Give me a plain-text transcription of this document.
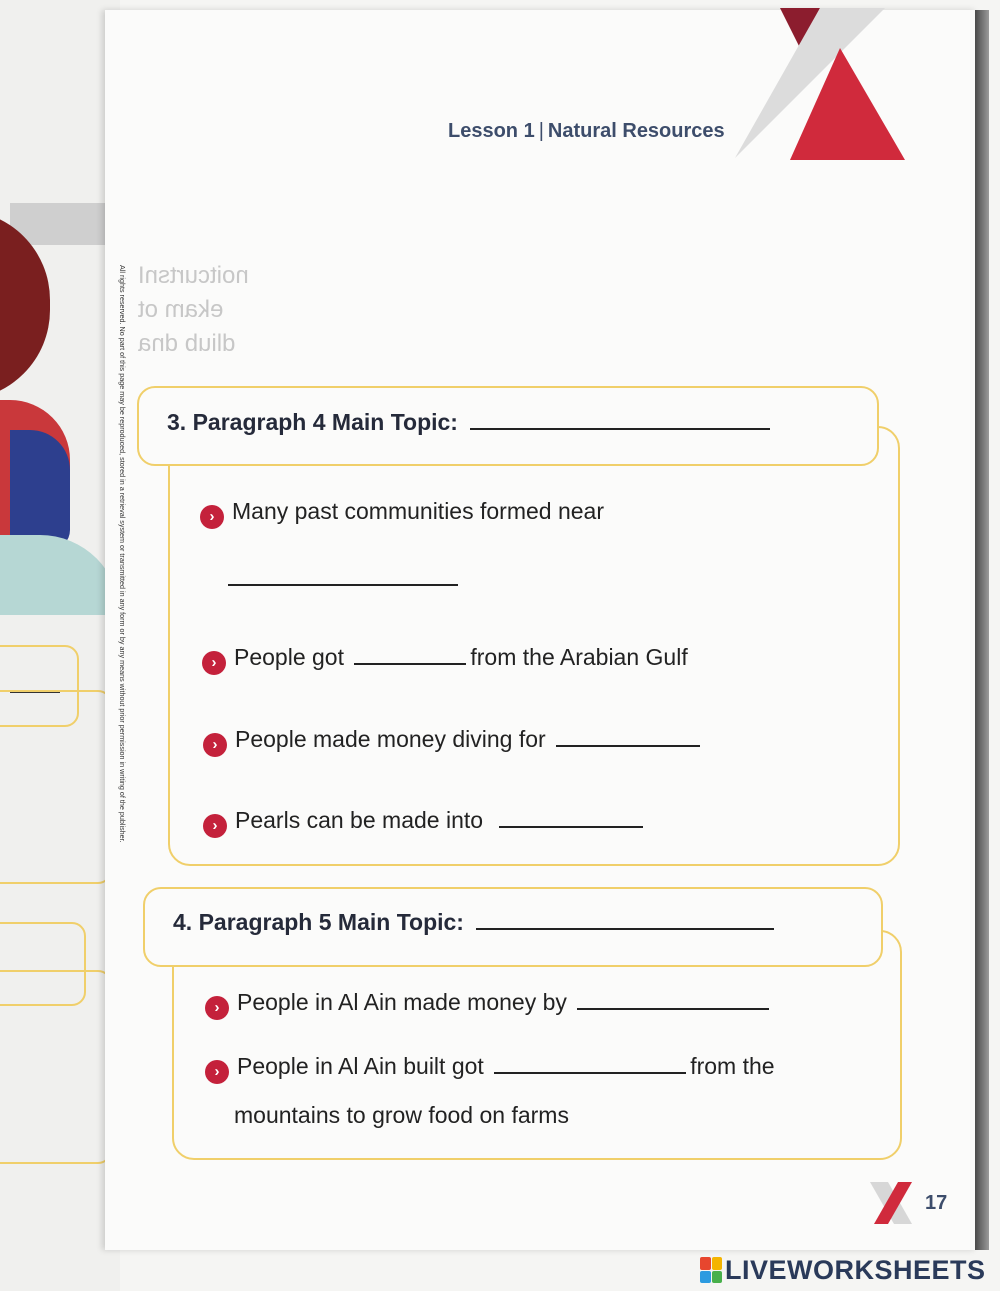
noitcurtsnI
ekam ot
dliub dna
Lesson 1 | Natural Resources
All rights reserved. No part of this page may be reproduced, stored in a retrieval system or transmitted in any form or by any means without prior permission in writing of the publisher. 3. Paragraph 4 Main Topic:
› Many past communities formed near
› People got	from the Arabian Gulf
› People made money diving for
› Pearls can be made into
4. Paragraph 5 Main Topic:
› People in Al Ain made money by
› People in Al Ain built got	from the
mountains to grow food on farms
17
LIVEWORKSHEETS
